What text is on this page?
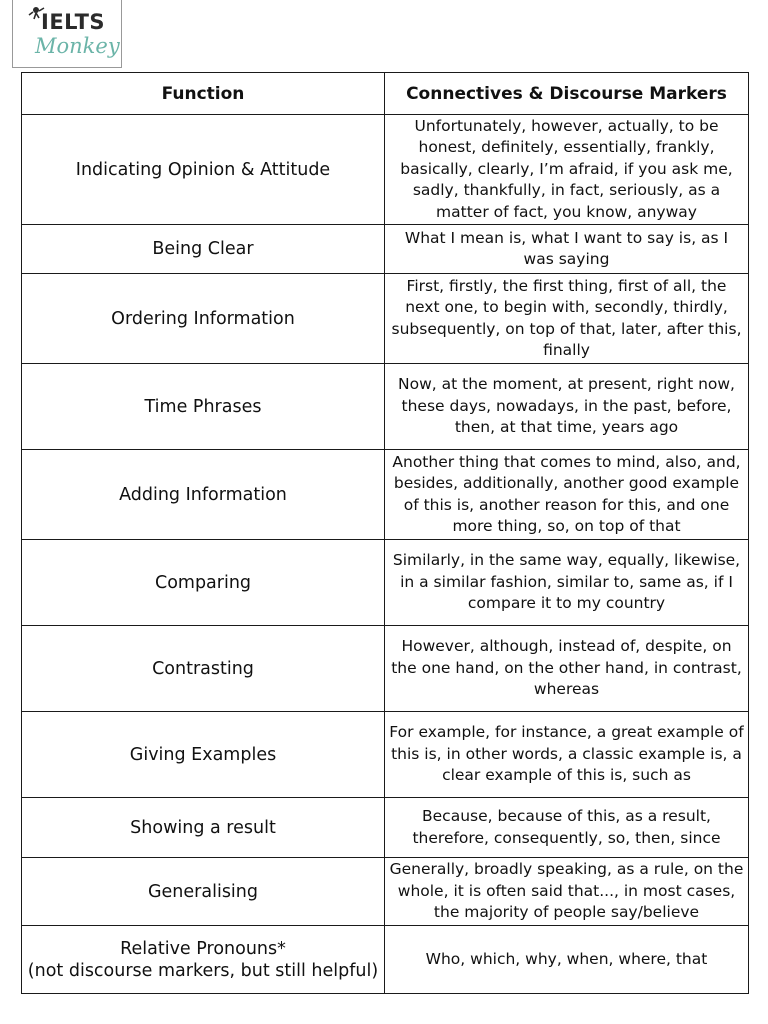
IELTS
Monkey
Function	Connectives & Discourse Markers
Indicating Opinion & Attitude	Unfortunately, however, actually, to be honest, definitely, essentially, frankly, basically, clearly, I’m afraid, if you ask me, sadly, thankfully, in fact, seriously, as a matter of fact, you know, anyway
Being Clear	What I mean is, what I want to say is, as I was saying
Ordering Information	First, firstly, the first thing, first of all, the next one, to begin with, secondly, thirdly, subsequently, on top of that, later, after this, finally
Time Phrases	Now, at the moment, at present, right now, these days, nowadays, in the past, before, then, at that time, years ago
Adding Information	Another thing that comes to mind, also, and, besides, additionally, another good example of this is, another reason for this, and one more thing, so, on top of that
Comparing	Similarly, in the same way, equally, likewise, in a similar fashion, similar to, same as, if I compare it to my country
Contrasting	However, although, instead of, despite, on the one hand, on the other hand, in contrast, whereas
Giving Examples	For example, for instance, a great example of this is, in other words, a classic example is, a clear example of this is, such as
Showing a result	Because, because of this, as a result, therefore, consequently, so, then, since
Generalising	Generally, broadly speaking, as a rule, on the whole, it is often said that..., in most cases, the majority of people say/believe

Relative Pronouns*
(not discourse markers, but still helpful)	Who, which, why, when, where, that
